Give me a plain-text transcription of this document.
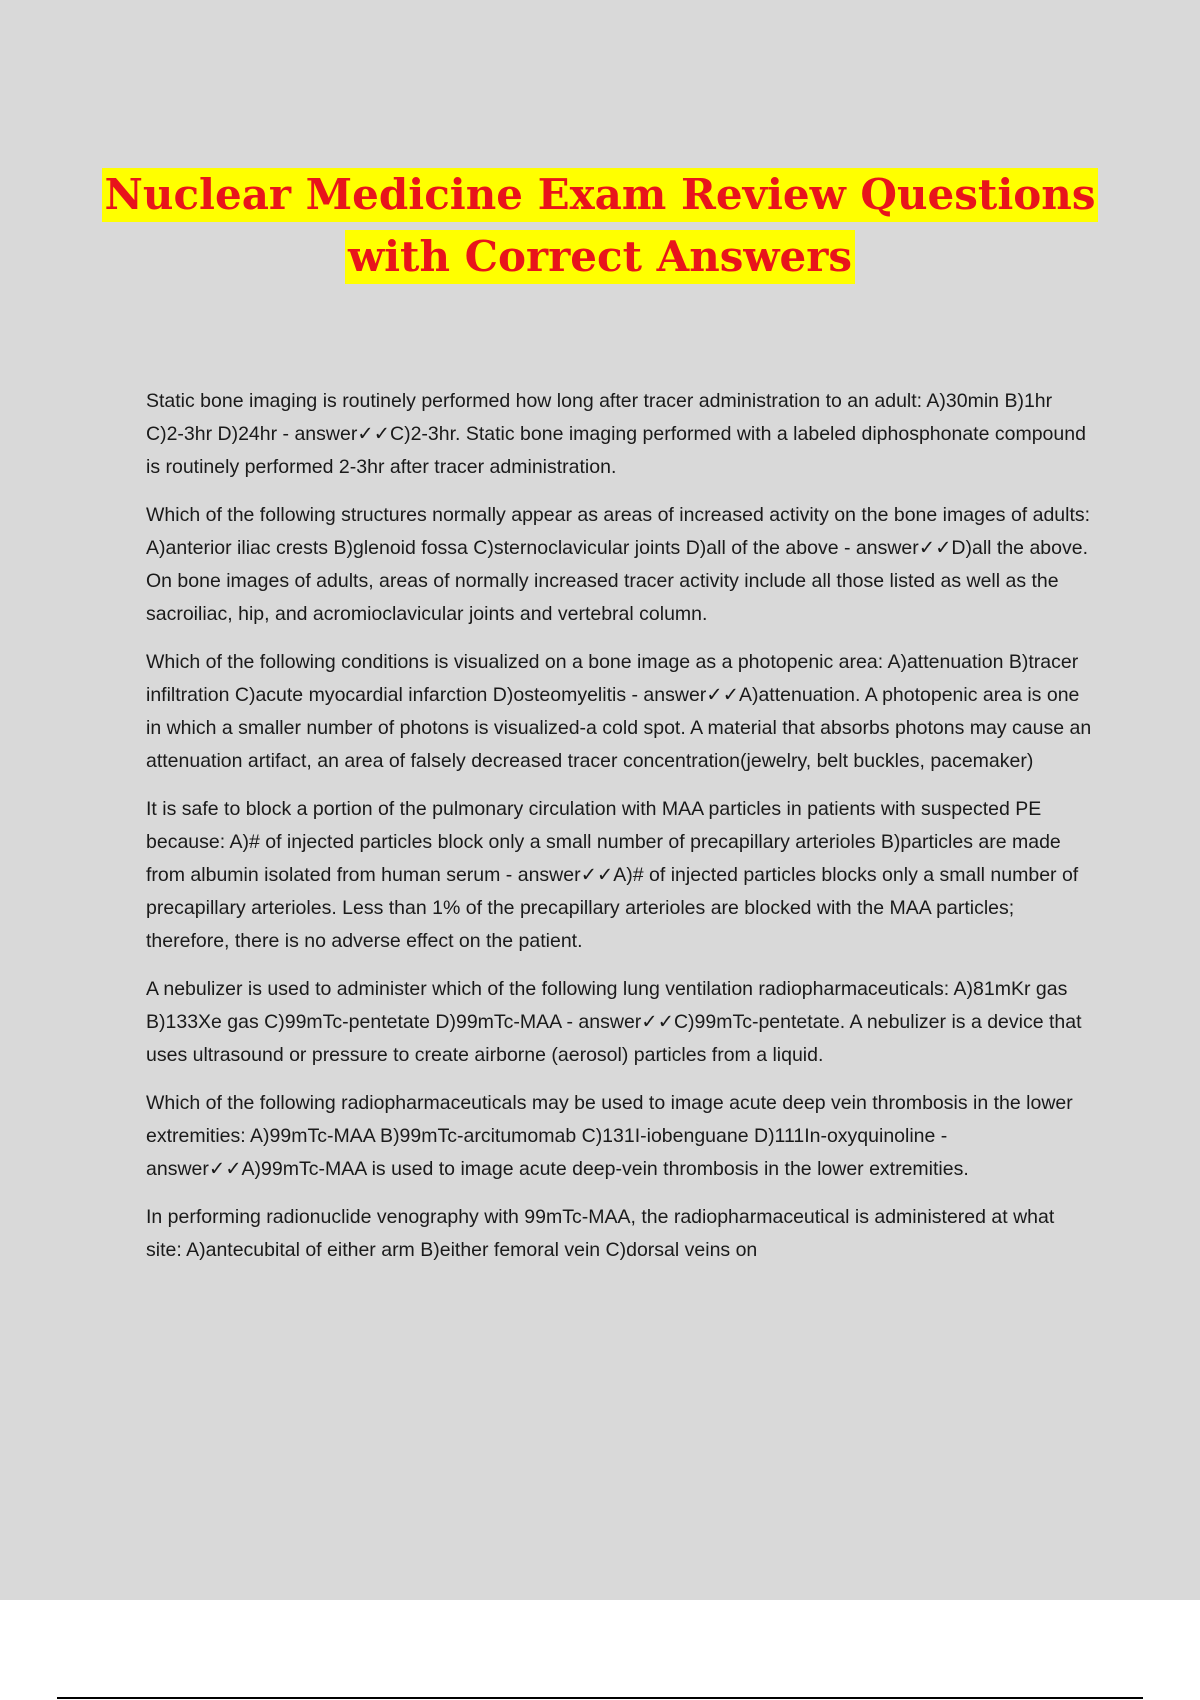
Nuclear Medicine Exam Review Questions
with Correct Answers

Static bone imaging is routinely performed how long after tracer administration to an adult: A)30min B)1hr C)2-3hr D)24hr - answer✓✓C)2-3hr. Static bone imaging performed with a labeled diphosphonate compound is routinely performed 2-3hr after tracer administration.

Which of the following structures normally appear as areas of increased activity on the bone images of adults: A)anterior iliac crests B)glenoid fossa C)sternoclavicular joints D)all of the above - answer✓✓D)all the above. On bone images of adults, areas of normally increased tracer activity include all those listed as well as the sacroiliac, hip, and acromioclavicular joints and vertebral column.

Which of the following conditions is visualized on a bone image as a photopenic area: A)attenuation B)tracer infiltration C)acute myocardial infarction D)osteomyelitis - answer✓✓A)attenuation. A photopenic area is one in which a smaller number of photons is visualized-a cold spot. A material that absorbs photons may cause an attenuation artifact, an area of falsely decreased tracer concentration(jewelry, belt buckles, pacemaker)

It is safe to block a portion of the pulmonary circulation with MAA particles in patients with suspected PE because: A)# of injected particles block only a small number of precapillary arterioles B)particles are made from albumin isolated from human serum - answer✓✓A)# of injected particles blocks only a small number of precapillary arterioles. Less than 1% of the precapillary arterioles are blocked with the MAA particles; therefore, there is no adverse effect on the patient.

A nebulizer is used to administer which of the following lung ventilation radiopharmaceuticals: A)81mKr gas B)133Xe gas C)99mTc-pentetate D)99mTc-MAA - answer✓✓C)99mTc-pentetate. A nebulizer is a device that uses ultrasound or pressure to create airborne (aerosol) particles from a liquid.

Which of the following radiopharmaceuticals may be used to image acute deep vein thrombosis in the lower extremities: A)99mTc-MAA B)99mTc-arcitumomab C)131I-iobenguane D)111In-oxyquinoline - answer✓✓A)99mTc-MAA is used to image acute deep-vein thrombosis in the lower extremities.

In performing radionuclide venography with 99mTc-MAA, the radiopharmaceutical is administered at what site: A)antecubital of either arm B)either femoral vein C)dorsal veins on
